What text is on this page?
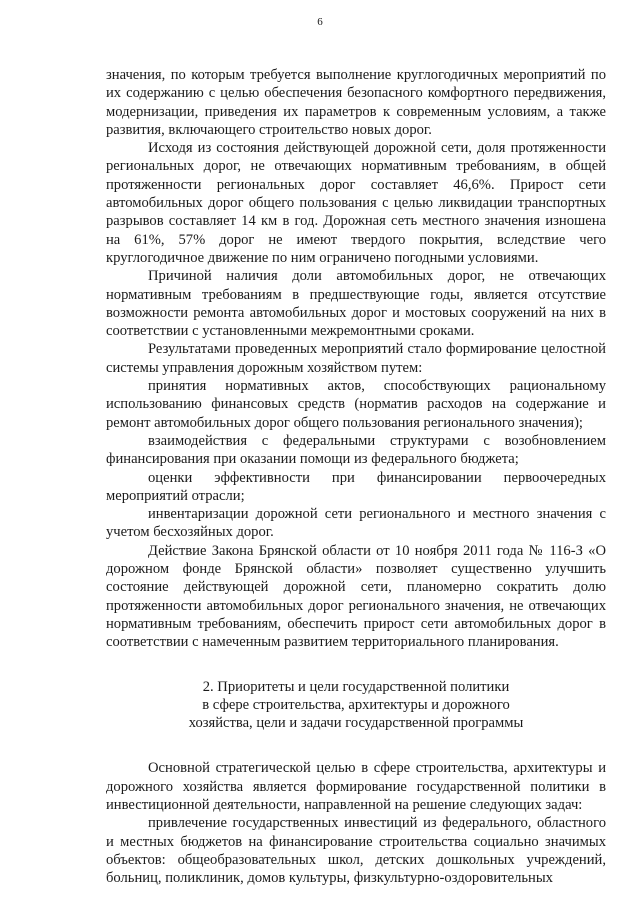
6

значения, по которым требуется выполнение круглогодичных мероприятий по их содержанию с целью обеспечения безопасного комфортного передвижения, модернизации, приведения их параметров к современным условиям, а также развития, включающего строительство новых дорог.

Исходя из состояния действующей дорожной сети, доля протяженности региональных дорог, не отвечающих нормативным требованиям, в общей протяженности региональных дорог составляет 46,6%. Прирост сети автомобильных дорог общего пользования с целью ликвидации транспортных разрывов составляет 14 км в год. Дорожная сеть местного значения изношена на 61%, 57% дорог не имеют твердого покрытия, вследствие чего круглогодичное движение по ним ограничено погодными условиями.

Причиной наличия доли автомобильных дорог, не отвечающих нормативным требованиям в предшествующие годы, является отсутствие возможности ремонта автомобильных дорог и мостовых сооружений на них в соответствии с установленными межремонтными сроками.

Результатами проведенных мероприятий стало формирование целостной системы управления дорожным хозяйством путем:

принятия нормативных актов, способствующих рациональному использованию финансовых средств (норматив расходов на содержание и ремонт автомобильных дорог общего пользования регионального значения);

взаимодействия с федеральными структурами с возобновлением финансирования при оказании помощи из федерального бюджета;

оценки эффективности при финансировании первоочередных мероприятий отрасли;

инвентаризации дорожной сети регионального и местного значения с учетом бесхозяйных дорог.

Действие Закона Брянской области от 10 ноября 2011 года № 116-З «О дорожном фонде Брянской области» позволяет существенно улучшить состояние действующей дорожной сети, планомерно сократить долю протяженности автомобильных дорог регионального значения, не отвечающих нормативным требованиям, обеспечить прирост сети автомобильных дорог в соответствии с намеченным развитием территориального планирования.

2. Приоритеты и цели государственной политики
в сфере строительства, архитектуры и дорожного
хозяйства, цели и задачи государственной программы

Основной стратегической целью в сфере строительства, архитектуры и дорожного хозяйства является формирование государственной политики в инвестиционной деятельности, направленной на решение следующих задач:

привлечение государственных инвестиций из федерального, областного и местных бюджетов на финансирование строительства социально значимых объектов: общеобразовательных школ, детских дошкольных учреждений, больниц, поликлиник, домов культуры, физкультурно-оздоровительных
